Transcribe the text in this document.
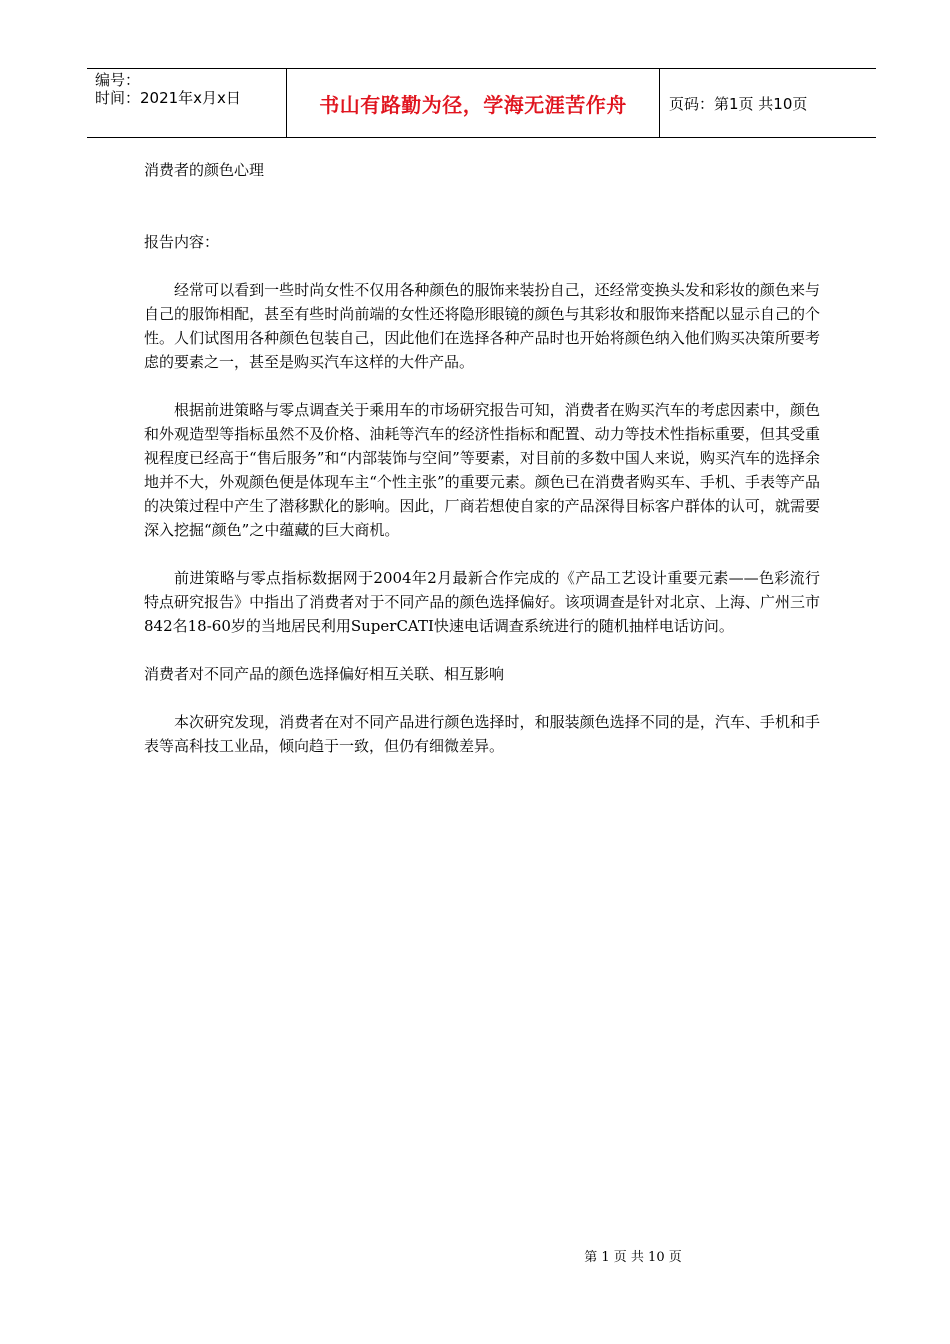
编号：
时间：2021年x月x日	书山有路勤为径，学海无涯苦作舟	页码：第1页 共10页

消费者的颜色心理

报告内容：

经常可以看到一些时尚女性不仅用各种颜色的服饰来装扮自己，还经常变换头发和彩妆的颜色来与自己的服饰相配，甚至有些时尚前端的女性还将隐形眼镜的颜色与其彩妆和服饰来搭配以显示自己的个性。人们试图用各种颜色包装自己，因此他们在选择各种产品时也开始将颜色纳入他们购买决策所要考虑的要素之一，甚至是购买汽车这样的大件产品。

根据前进策略与零点调查关于乘用车的市场研究报告可知，消费者在购买汽车的考虑因素中，颜色和外观造型等指标虽然不及价格、油耗等汽车的经济性指标和配置、动力等技术性指标重要，但其受重视程度已经高于“售后服务”和“内部装饰与空间”等要素，对目前的多数中国人来说，购买汽车的选择余地并不大，外观颜色便是体现车主“个性主张”的重要元素。颜色已在消费者购买车、手机、手表等产品的决策过程中产生了潜移默化的影响。因此，厂商若想使自家的产品深得目标客户群体的认可，就需要深入挖掘“颜色”之中蕴藏的巨大商机。

前进策略与零点指标数据网于2004年2月最新合作完成的《产品工艺设计重要元素——色彩流行特点研究报告》中指出了消费者对于不同产品的颜色选择偏好。该项调查是针对北京、上海、广州三市842名18-60岁的当地居民利用SuperCATI快速电话调查系统进行的随机抽样电话访问。

消费者对不同产品的颜色选择偏好相互关联、相互影响

本次研究发现，消费者在对不同产品进行颜色选择时，和服装颜色选择不同的是，汽车、手机和手表等高科技工业品，倾向趋于一致，但仍有细微差异。

第 1 页 共 10 页
